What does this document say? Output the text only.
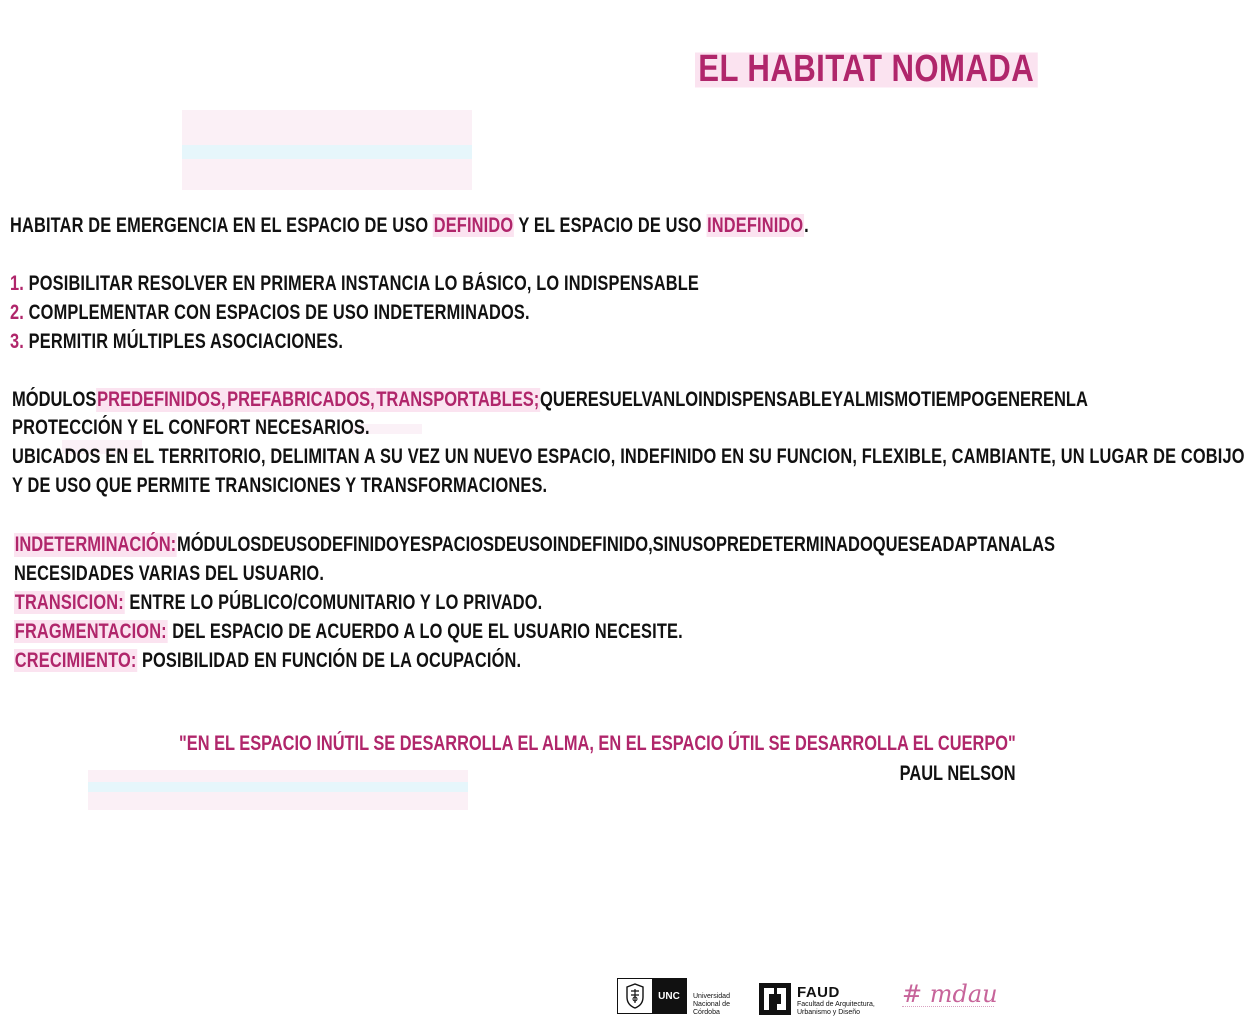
EL HABITAT NOMADA
HABITAR DE EMERGENCIA EN EL ESPACIO DE USO DEFINIDO Y EL ESPACIO DE USO INDEFINIDO.
1. POSIBILITAR RESOLVER EN PRIMERA INSTANCIA LO BÁSICO, LO INDISPENSABLE
2. COMPLEMENTAR CON ESPACIOS DE USO INDETERMINADOS.
3. PERMITIR MÚLTIPLES ASOCIACIONES.
MÓDULOS PREDEFINIDOS, PREFABRICADOS, TRANSPORTABLES; QUE RESUELVAN LO INDISPENSABLE Y AL MISMO TIEMPO GENEREN LA
PROTECCIÓN Y EL CONFORT NECESARIOS.
UBICADOS EN EL TERRITORIO, DELIMITAN A SU VEZ UN NUEVO ESPACIO, INDEFINIDO EN SU FUNCION, FLEXIBLE, CAMBIANTE, UN LUGAR DE COBIJO
Y DE USO QUE PERMITE TRANSICIONES Y TRANSFORMACIONES.
INDETERMINACIÓN: MÓDULOS DE USO DEFINIDO Y ESPACIOS DE USO INDEFINIDO, SIN USO PREDETERMINADO QUE SE ADAPTAN A LAS
NECESIDADES VARIAS DEL USUARIO.
TRANSICION: ENTRE LO PÚBLICO/COMUNITARIO Y LO PRIVADO.
FRAGMENTACION: DEL ESPACIO DE ACUERDO A LO QUE EL USUARIO NECESITE.
CRECIMIENTO: POSIBILIDAD EN FUNCIÓN DE LA OCUPACIÓN.
"EN EL ESPACIO INÚTIL SE DESARROLLA EL ALMA, EN EL ESPACIO ÚTIL SE DESARROLLA EL CUERPO"
PAUL NELSON
UNC	Universidad Nacional de Córdoba
FAUD
Facultad de Arquitectura, Urbanismo y Diseño
# mdau
